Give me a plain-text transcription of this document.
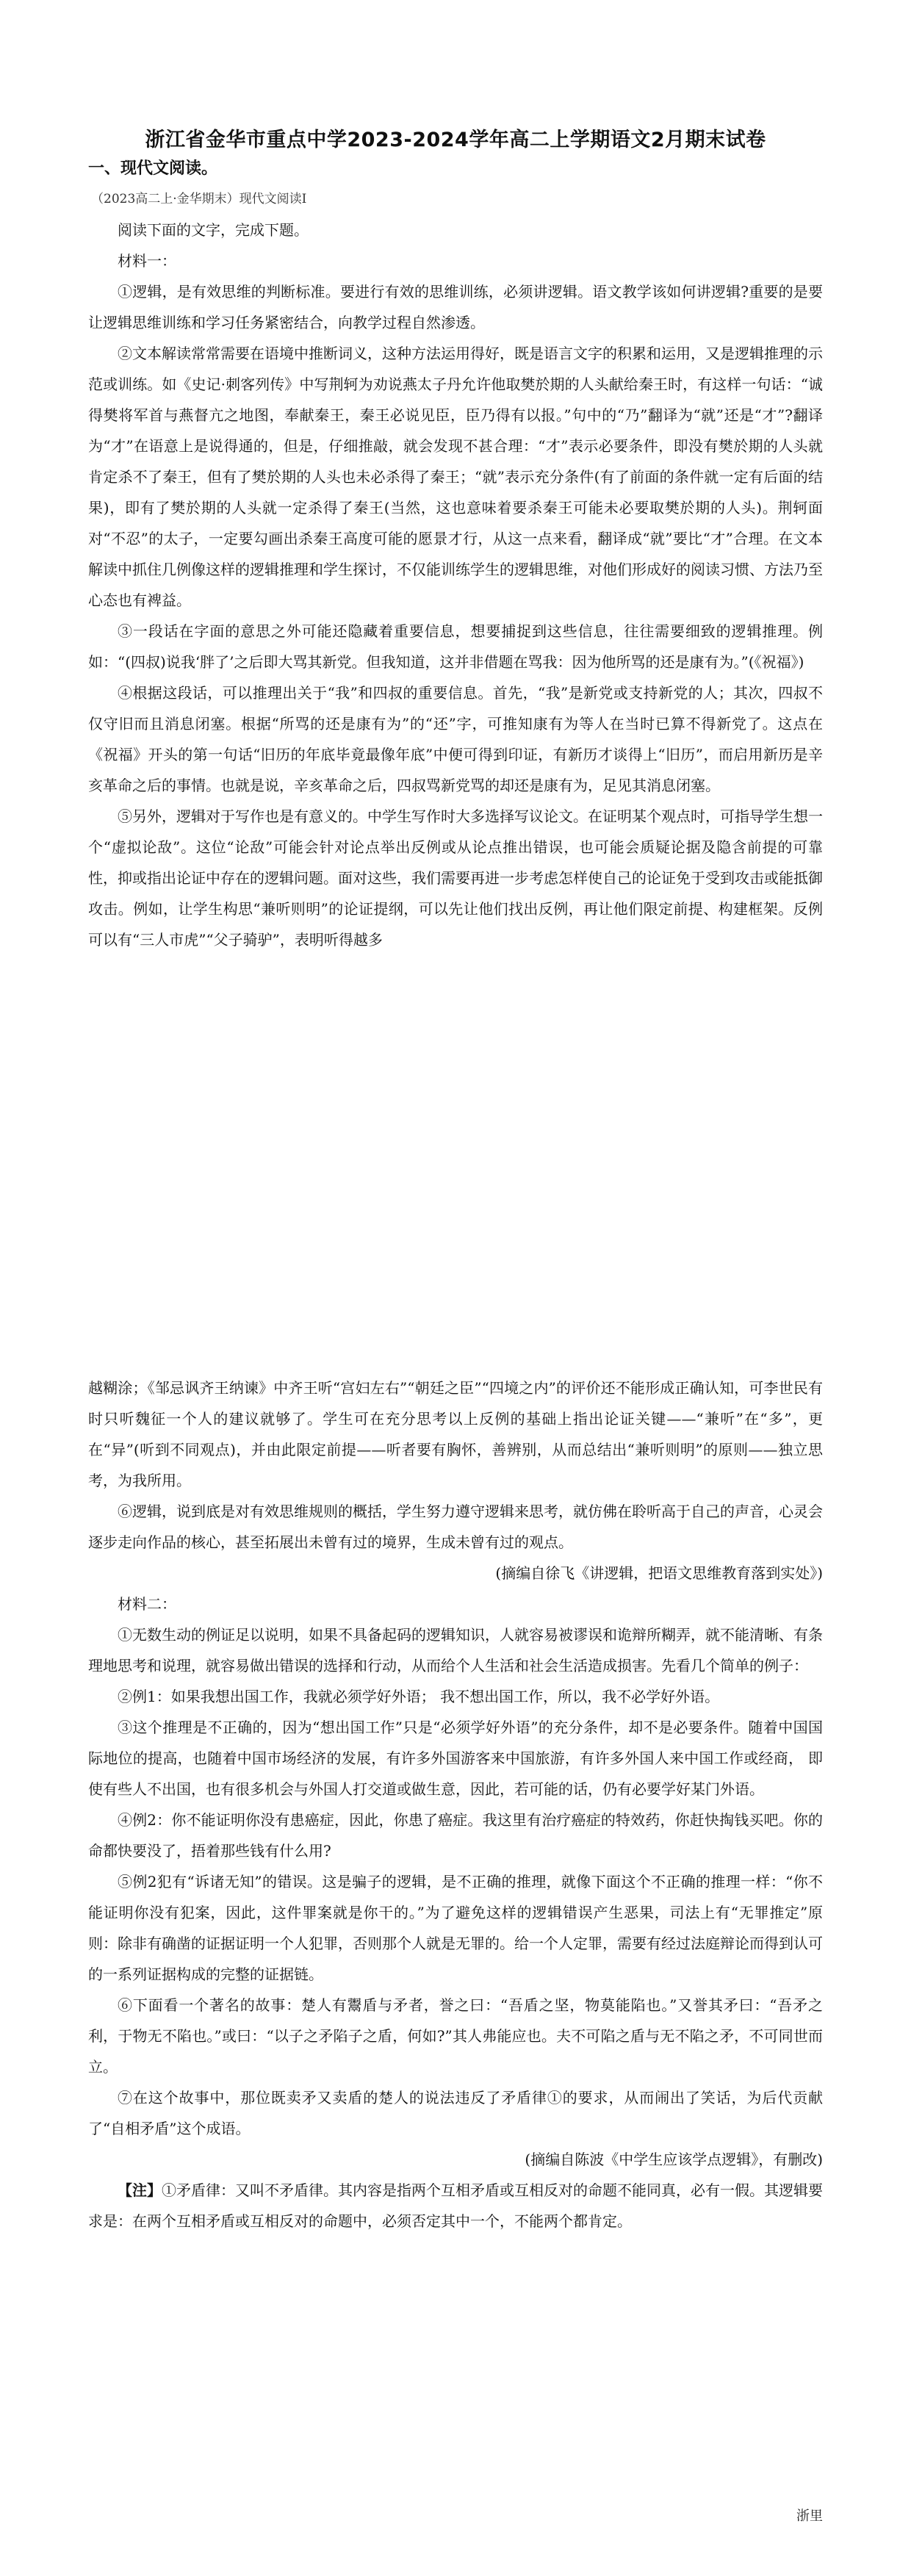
浙江省金华市重点中学2023-2024学年高二上学期语文2月期末试卷
一、现代文阅读。
（2023高二上·金华期末）现代文阅读Ⅰ

阅读下面的文字，完成下题。

材料一：

①逻辑，是有效思维的判断标准。要进行有效的思维训练，必须讲逻辑。语文教学该如何讲逻辑?重要的是要让逻辑思维训练和学习任务紧密结合，向教学过程自然渗透。

②文本解读常常需要在语境中推断词义，这种方法运用得好，既是语言文字的积累和运用，又是逻辑推理的示范或训练。如《史记·刺客列传》中写荆轲为劝说燕太子丹允许他取樊於期的人头献给秦王时，有这样一句话：“诚得樊将军首与燕督亢之地图，奉献秦王，秦王必说见臣，臣乃得有以报。”句中的“乃”翻译为“就”还是“才”?翻译为“才”在语意上是说得通的，但是，仔细推敲，就会发现不甚合理：“才”表示必要条件，即没有樊於期的人头就肯定杀不了秦王，但有了樊於期的人头也未必杀得了秦王；“就”表示充分条件(有了前面的条件就一定有后面的结果)，即有了樊於期的人头就一定杀得了秦王(当然，这也意味着要杀秦王可能未必要取樊於期的人头)。荆轲面对“不忍”的太子，一定要勾画出杀秦王高度可能的愿景才行，从这一点来看，翻译成“就”要比“才”合理。在文本解读中抓住几例像这样的逻辑推理和学生探讨，不仅能训练学生的逻辑思维，对他们形成好的阅读习惯、方法乃至心态也有裨益。

③一段话在字面的意思之外可能还隐藏着重要信息，想要捕捉到这些信息，往往需要细致的逻辑推理。例如：“(四叔)说我‘胖了’之后即大骂其新党。但我知道，这并非借题在骂我：因为他所骂的还是康有为。”(《祝福》)

④根据这段话，可以推理出关于“我”和四叔的重要信息。首先，“我”是新党或支持新党的人；其次，四叔不仅守旧而且消息闭塞。根据“所骂的还是康有为”的“还”字，可推知康有为等人在当时已算不得新党了。这点在《祝福》开头的第一句话“旧历的年底毕竟最像年底”中便可得到印证，有新历才谈得上“旧历”，而启用新历是辛亥革命之后的事情。也就是说，辛亥革命之后，四叔骂新党骂的却还是康有为，足见其消息闭塞。

⑤另外，逻辑对于写作也是有意义的。中学生写作时大多选择写议论文。在证明某个观点时，可指导学生想一个“虚拟论敌”。这位“论敌”可能会针对论点举出反例或从论点推出错误，也可能会质疑论据及隐含前提的可靠性，抑或指出论证中存在的逻辑问题。面对这些，我们需要再进一步考虑怎样使自己的论证免于受到攻击或能抵御攻击。例如，让学生构思“兼听则明”的论证提纲，可以先让他们找出反例，再让他们限定前提、构建框架。反例可以有“三人市虎”“父子骑驴”，表明听得越多

越糊涂；《邹忌讽齐王纳谏》中齐王听“宫妇左右”“朝廷之臣”“四境之内”的评价还不能形成正确认知，可李世民有时只听魏征一个人的建议就够了。学生可在充分思考以上反例的基础上指出论证关键——“兼听”在“多”，更在“异”(听到不同观点)，并由此限定前提——听者要有胸怀，善辨别，从而总结出“兼听则明”的原则——独立思考，为我所用。

⑥逻辑，说到底是对有效思维规则的概括，学生努力遵守逻辑来思考，就仿佛在聆听高于自己的声音，心灵会逐步走向作品的核心，甚至拓展出未曾有过的境界，生成未曾有过的观点。

(摘编自徐飞《讲逻辑，把语文思维教育落到实处》)

材料二：

①无数生动的例证足以说明，如果不具备起码的逻辑知识，人就容易被谬误和诡辩所糊弄，就不能清晰、有条理地思考和说理，就容易做出错误的选择和行动，从而给个人生活和社会生活造成损害。先看几个简单的例子：

②例1：如果我想出国工作，我就必须学好外语； 我不想出国工作，所以，我不必学好外语。

③这个推理是不正确的，因为“想出国工作”只是“必须学好外语”的充分条件，却不是必要条件。随着中国国际地位的提高，也随着中国市场经济的发展，有许多外国游客来中国旅游，有许多外国人来中国工作或经商， 即使有些人不出国，也有很多机会与外国人打交道或做生意，因此，若可能的话，仍有必要学好某门外语。

④例2：你不能证明你没有患癌症，因此，你患了癌症。我这里有治疗癌症的特效药，你赶快掏钱买吧。你的命都快要没了，捂着那些钱有什么用?

⑤例2犯有“诉诸无知”的错误。这是骗子的逻辑，是不正确的推理，就像下面这个不正确的推理一样：“你不能证明你没有犯案，因此，这件罪案就是你干的。”为了避免这样的逻辑错误产生恶果，司法上有“无罪推定”原则：除非有确凿的证据证明一个人犯罪，否则那个人就是无罪的。给一个人定罪，需要有经过法庭辩论而得到认可的一系列证据构成的完整的证据链。

⑥下面看一个著名的故事：楚人有鬻盾与矛者，誉之曰：“吾盾之坚，物莫能陷也。”又誉其矛曰：“吾矛之利，于物无不陷也。”或曰：“以子之矛陷子之盾，何如?”其人弗能应也。夫不可陷之盾与无不陷之矛，不可同世而立。

⑦在这个故事中，那位既卖矛又卖盾的楚人的说法违反了矛盾律①的要求，从而闹出了笑话，为后代贡献了“自相矛盾”这个成语。

(摘编自陈波《中学生应该学点逻辑》，有删改)

【注】①矛盾律：又叫不矛盾律。其内容是指两个互相矛盾或互相反对的命题不能同真，必有一假。其逻辑要求是：在两个互相矛盾或互相反对的命题中，必须否定其中一个，不能两个都肯定。

浙里
